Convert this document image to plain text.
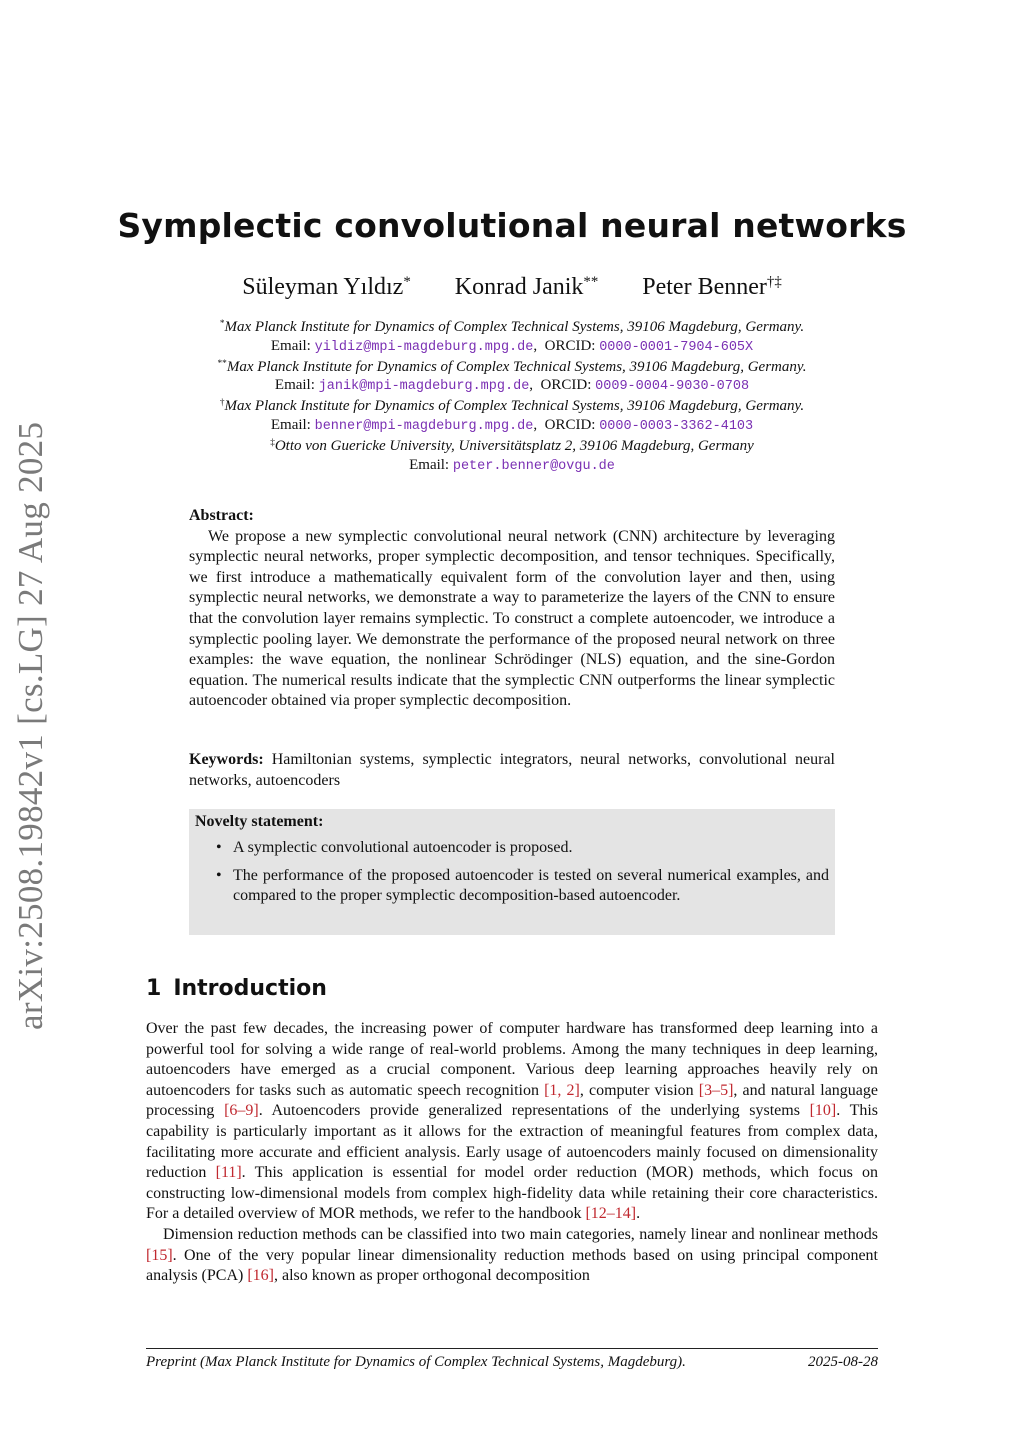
arXiv:2508.19842v1 [cs.LG] 27 Aug 2025
Symplectic convolutional neural networks
Süleyman Yıldız* Konrad Janik** Peter Benner†‡
*Max Planck Institute for Dynamics of Complex Technical Systems, 39106 Magdeburg, Germany.
Email: yildiz@mpi-magdeburg.mpg.de,  ORCID: 0000-0001-7904-605X
**Max Planck Institute for Dynamics of Complex Technical Systems, 39106 Magdeburg, Germany.
Email: janik@mpi-magdeburg.mpg.de,  ORCID: 0009-0004-9030-0708
†Max Planck Institute for Dynamics of Complex Technical Systems, 39106 Magdeburg, Germany.
Email: benner@mpi-magdeburg.mpg.de,  ORCID: 0000-0003-3362-4103
‡Otto von Guericke University, Universitätsplatz 2, 39106 Magdeburg, Germany
Email: peter.benner@ovgu.de
Abstract:

We propose a new symplectic convolutional neural network (CNN) architecture by leveraging symplectic neural networks, proper symplectic decomposition, and tensor techniques. Specifically, we first introduce a mathematically equivalent form of the convolution layer and then, using symplectic neural networks, we demonstrate a way to parameterize the layers of the CNN to ensure that the convolution layer remains symplectic. To construct a complete autoencoder, we introduce a symplectic pooling layer. We demonstrate the performance of the proposed neural network on three examples: the wave equation, the nonlinear Schrödinger (NLS) equation, and the sine-Gordon equation. The numerical results indicate that the symplectic CNN outperforms the linear symplectic autoencoder obtained via proper symplectic decomposition.

Keywords: Hamiltonian systems, symplectic integrators, neural networks, convolutional neural networks, autoencoders
Novelty statement:
• A symplectic convolutional autoencoder is proposed.
• The performance of the proposed autoencoder is tested on several numerical examples, and compared to the proper symplectic decomposition-based autoencoder.
1 Introduction

Over the past few decades, the increasing power of computer hardware has transformed deep learning into a powerful tool for solving a wide range of real-world problems. Among the many techniques in deep learning, autoencoders have emerged as a crucial component. Various deep learning approaches heavily rely on autoencoders for tasks such as automatic speech recognition [1, 2], computer vision [3–5], and natural language processing [6–9]. Autoencoders provide generalized representations of the underlying systems [10]. This capability is particularly important as it allows for the extraction of meaningful features from complex data, facilitating more accurate and efficient analysis. Early usage of autoencoders mainly focused on dimensionality reduction [11]. This application is essential for model order reduction (MOR) methods, which focus on constructing low-dimensional models from complex high-fidelity data while retaining their core characteristics. For a detailed overview of MOR methods, we refer to the handbook [12–14].

Dimension reduction methods can be classified into two main categories, namely linear and nonlinear methods [15]. One of the very popular linear dimensionality reduction methods based on using principal component analysis (PCA) [16], also known as proper orthogonal decomposition

Preprint (Max Planck Institute for Dynamics of Complex Technical Systems, Magdeburg).	2025-08-28
